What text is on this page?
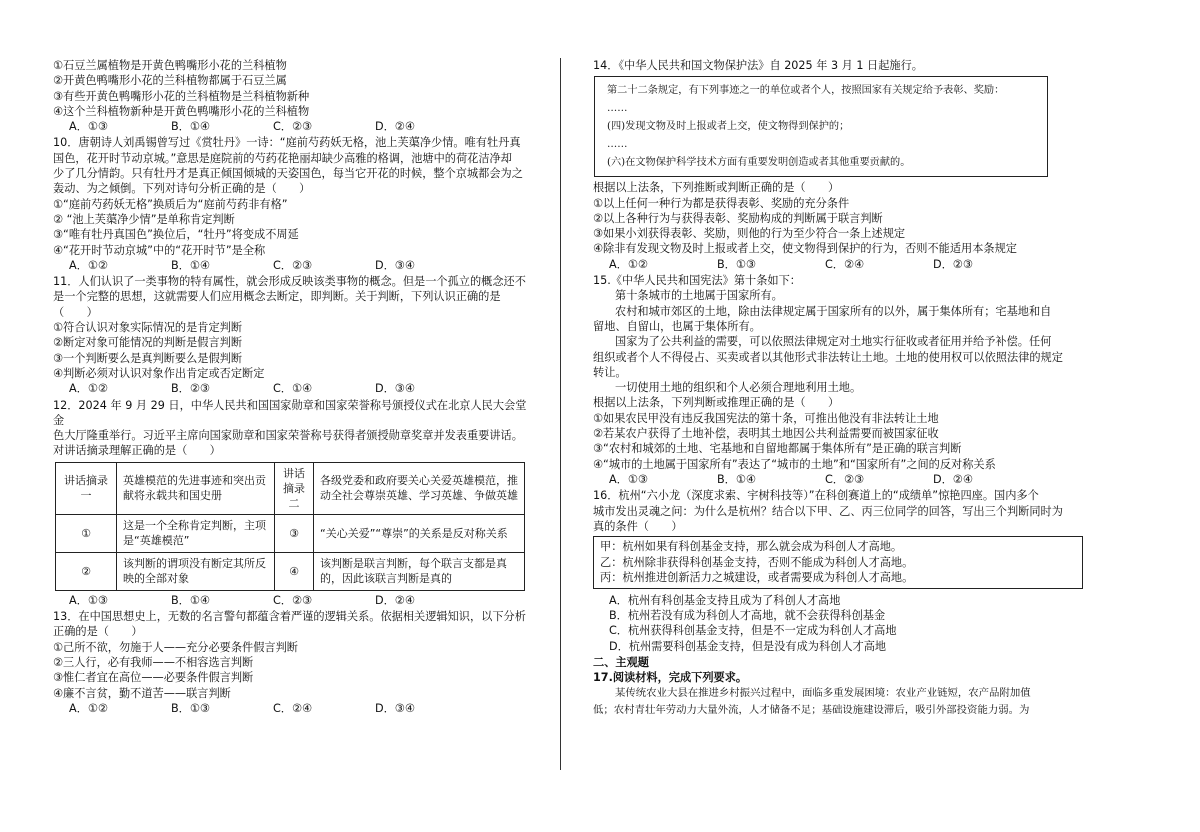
①石豆兰属植物是开黄色鸭嘴形小花的兰科植物

②开黄色鸭嘴形小花的兰科植物都属于石豆兰属

③有些开黄色鸭嘴形小花的兰科植物是兰科植物新种

④这个兰科植物新种是开黄色鸭嘴形小花的兰科植物

A．①③	B．①④	C．②③	D．②④

10．唐朝诗人刘禹锡曾写过《赏牡丹》一诗：“庭前芍药妖无格，池上芙蕖净少情。唯有牡丹真

国色，花开时节动京城。”意思是庭院前的芍药花艳丽却缺少高雅的格调，池塘中的荷花洁净却

少了几分情韵。只有牡丹才是真正倾国倾城的天姿国色，每当它开花的时候，整个京城都会为之

轰动、为之倾倒。下列对诗句分析正确的是（　　）

①“庭前芍药妖无格”换质后为“庭前芍药非有格”

② “池上芙蕖净少情”是单称肯定判断

③“唯有牡丹真国色”换位后，“牡丹”将变成不周延

④“花开时节动京城”中的“花开时节”是全称

A．①②	B．①④	C．②③	D．③④

11．人们认识了一类事物的特有属性，就会形成反映该类事物的概念。但是一个孤立的概念还不

是一个完整的思想，这就需要人们应用概念去断定，即判断。关于判断，下列认识正确的是

（　　）

①符合认识对象实际情况的是肯定判断

②断定对象可能情况的判断是假言判断

③一个判断要么是真判断要么是假判断

④判断必须对认识对象作出肯定或否定断定

A．①②	B．②③	C．①④	D．③④

12．2024 年 9 月 29 日，中华人民共和国国家勋章和国家荣誉称号颁授仪式在北京人民大会堂金

色大厅隆重举行。习近平主席向国家勋章和国家荣誉称号获得者颁授勋章奖章并发表重要讲话。

对讲话摘录理解正确的是（　　）

讲话摘录一	英雄模范的先进事迹和突出贡献将永载共和国史册	讲话摘录二	各级党委和政府要关心关爱英雄模范，推动全社会尊崇英雄、学习英雄、争做英雄
①	这是一个全称肯定判断，主项是“英雄模范”	③	“关心关爱”“尊崇”的关系是反对称关系
②	该判断的谓项没有断定其所反映的全部对象	④	该判断是联言判断，每个联言支都是真的，因此该联言判断是真的
A．①③	B．①④	C．②③	D．②④

13．在中国思想史上，无数的名言警句都蕴含着严谨的逻辑关系。依据相关逻辑知识，以下分析

正确的是（　　）

①己所不欲，勿施于人——充分必要条件假言判断

②三人行，必有我师——不相容选言判断

③惟仁者宜在高位——必要条件假言判断

④廉不言贫，勤不道苦——联言判断

A．①②	B．①③	C．②④	D．③④

14．《中华人民共和国文物保护法》自 2025 年 3 月 1 日起施行。

第二十二条规定，有下列事迹之一的单位或者个人，按照国家有关规定给予表彰、奖励：

……

(四)发现文物及时上报或者上交，使文物得到保护的；

……

(六)在文物保护科学技术方面有重要发明创造或者其他重要贡献的。

根据以上法条，下列推断或判断正确的是（　　）

①以上任何一种行为都是获得表彰、奖励的充分条件

②以上各种行为与获得表彰、奖励构成的判断属于联言判断

③如果小刘获得表彰、奖励，则他的行为至少符合一条上述规定

④除非有发现文物及时上报或者上交，使文物得到保护的行为，否则不能适用本条规定

A．①②	B．①③	C．②④	D．②③

15.《中华人民共和国宪法》第十条如下：

第十条城市的土地属于国家所有。

农村和城市郊区的土地，除由法律规定属于国家所有的以外，属于集体所有；宅基地和自

留地、自留山，也属于集体所有。

国家为了公共利益的需要，可以依照法律规定对土地实行征收或者征用并给予补偿。任何

组织或者个人不得侵占、买卖或者以其他形式非法转让土地。土地的使用权可以依照法律的规定

转让。

一切使用土地的组织和个人必须合理地利用土地。

根据以上法条，下列判断或推理正确的是（　　）

①如果农民甲没有违反我国宪法的第十条，可推出他没有非法转让土地

②若某农户获得了土地补偿，表明其土地因公共利益需要而被国家征收

③“农村和城郊的土地、宅基地和自留地都属于集体所有”是正确的联言判断

④“城市的土地属于国家所有”表达了“城市的土地”和“国家所有”之间的反对称关系

A．①③	B．①④	C．②③	D．②④

16．杭州“六小龙（深度求索、宇树科技等）”在科创赛道上的“成绩单”惊艳四座。国内多个

城市发出灵魂之问：为什么是杭州？结合以下甲、乙、丙三位同学的回答，写出三个判断同时为

真的条件（　　）

甲：杭州如果有科创基金支持，那么就会成为科创人才高地。

乙：杭州除非获得科创基金支持，否则不能成为科创人才高地。

丙：杭州推进创新活力之城建设，或者需要成为科创人才高地。

A．杭州有科创基金支持且成为了科创人才高地
B．杭州若没有成为科创人才高地，就不会获得科创基金
C．杭州获得科创基金支持，但是不一定成为科创人才高地
D．杭州需要科创基金支持，但是没有成为科创人才高地

二、主观题

17.阅读材料，完成下列要求。

某传统农业大县在推进乡村振兴过程中，面临多重发展困境：农业产业链短，农产品附加值

低；农村青壮年劳动力大量外流，人才储备不足；基础设施建设滞后，吸引外部投资能力弱。为
